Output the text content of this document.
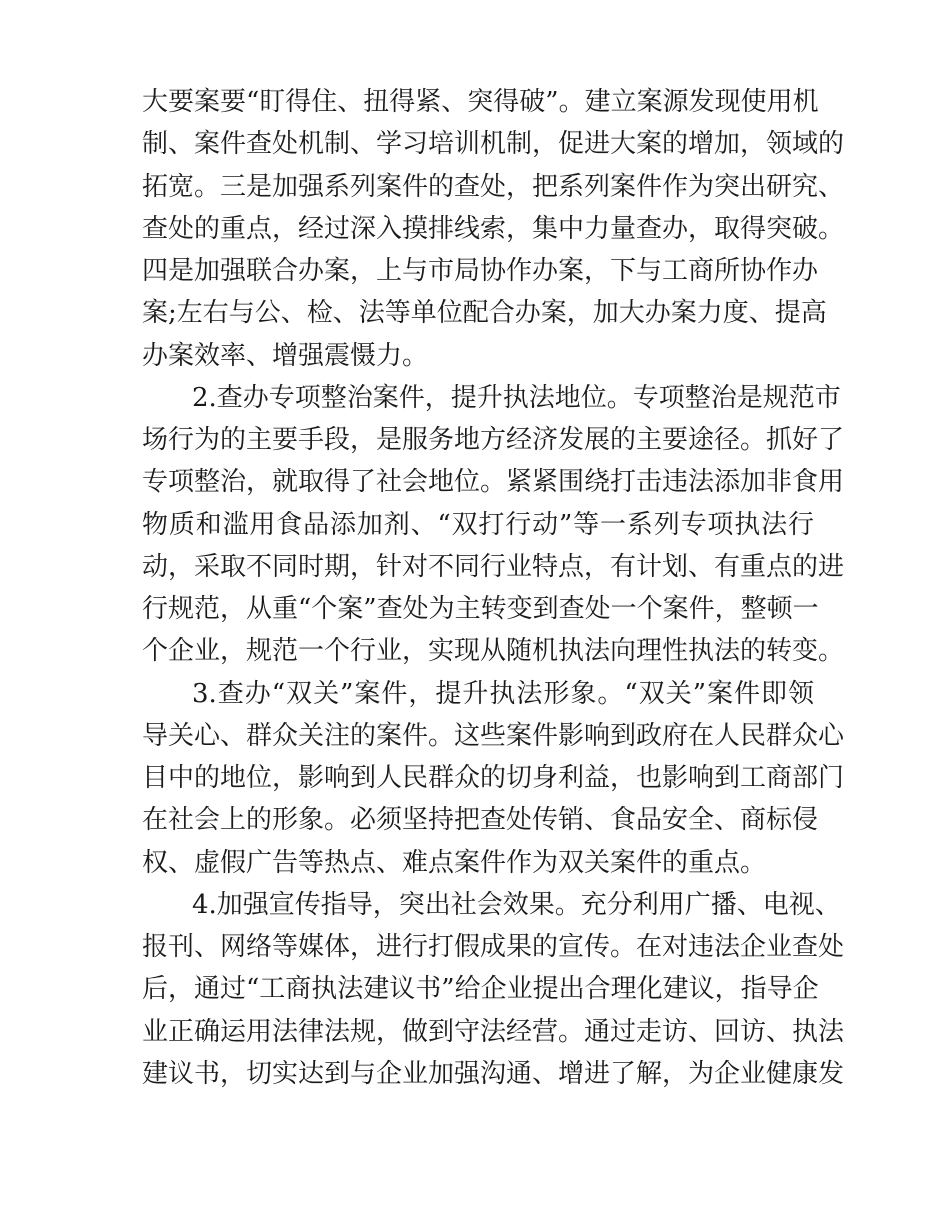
大要案要“盯得住、扭得紧、突得破”。建立案源发现使用机
制、案件查处机制、学习培训机制，促进大案的增加，领域的
拓宽。三是加强系列案件的查处，把系列案件作为突出研究、
查处的重点，经过深入摸排线索，集中力量查办，取得突破。
四是加强联合办案，上与市局协作办案，下与工商所协作办
案;左右与公、检、法等单位配合办案，加大办案力度、提高
办案效率、增强震慑力。
2.查办专项整治案件，提升执法地位。专项整治是规范市
场行为的主要手段，是服务地方经济发展的主要途径。抓好了
专项整治，就取得了社会地位。紧紧围绕打击违法添加非食用
物质和滥用食品添加剂、“双打行动”等一系列专项执法行
动，采取不同时期，针对不同行业特点，有计划、有重点的进
行规范，从重“个案”查处为主转变到查处一个案件，整顿一
个企业，规范一个行业，实现从随机执法向理性执法的转变。
3.查办“双关”案件，提升执法形象。“双关”案件即领
导关心、群众关注的案件。这些案件影响到政府在人民群众心
目中的地位，影响到人民群众的切身利益，也影响到工商部门
在社会上的形象。必须坚持把查处传销、食品安全、商标侵
权、虚假广告等热点、难点案件作为双关案件的重点。
4.加强宣传指导，突出社会效果。充分利用广播、电视、
报刊、网络等媒体，进行打假成果的宣传。在对违法企业查处
后，通过“工商执法建议书”给企业提出合理化建议，指导企
业正确运用法律法规，做到守法经营。通过走访、回访、执法
建议书，切实达到与企业加强沟通、增进了解，为企业健康发
